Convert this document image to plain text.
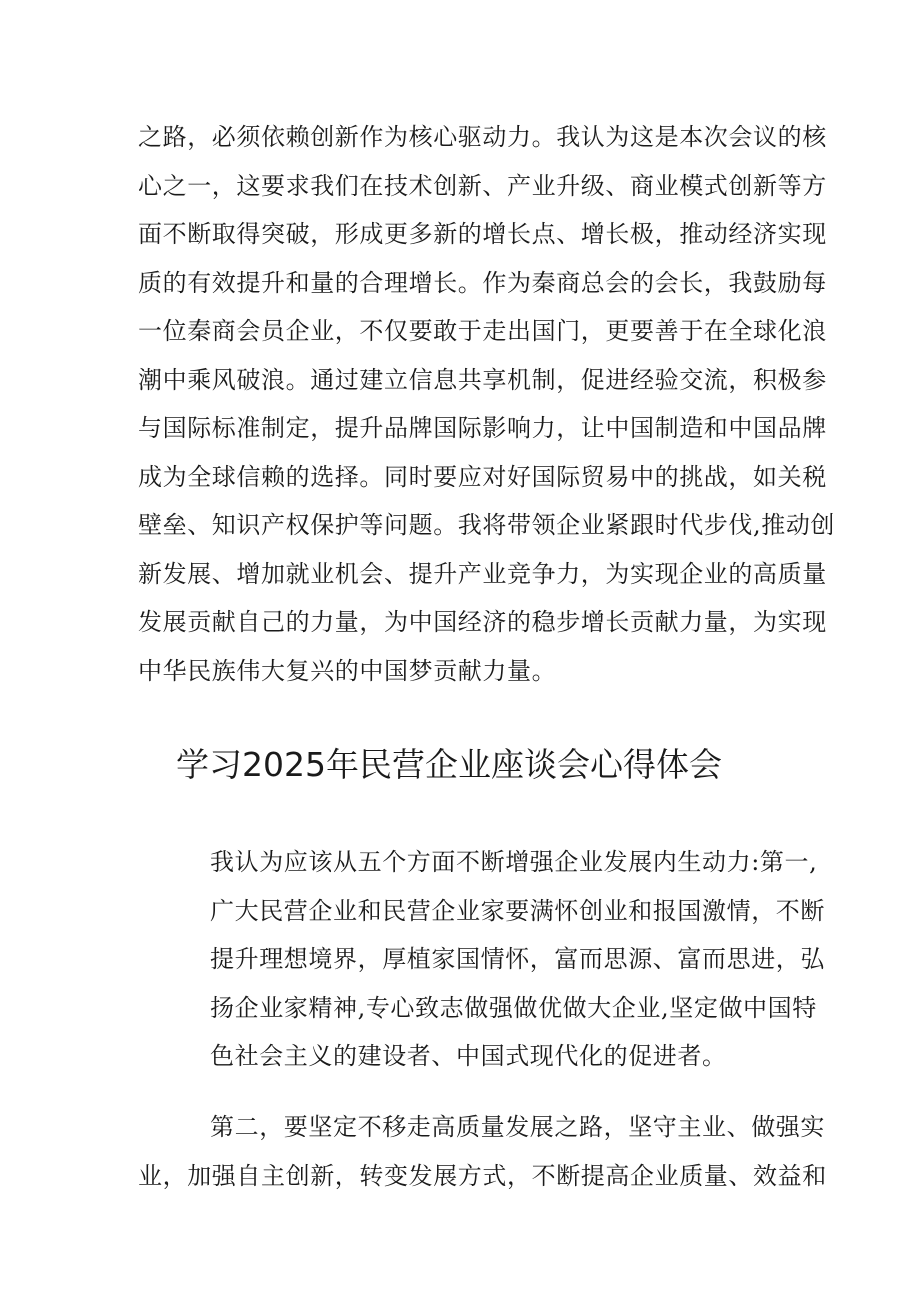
之路，必须依赖创新作为核心驱动力。我认为这是本次会议的核
心之一，这要求我们在技术创新、产业升级、商业模式创新等方
面不断取得突破，形成更多新的增长点、增长极，推动经济实现
质的有效提升和量的合理增长。作为秦商总会的会长，我鼓励每
一位秦商会员企业，不仅要敢于走出国门，更要善于在全球化浪
潮中乘风破浪。通过建立信息共享机制，促进经验交流，积极参
与国际标准制定，提升品牌国际影响力，让中国制造和中国品牌
成为全球信赖的选择。同时要应对好国际贸易中的挑战，如关税
壁垒、知识产权保护等问题。我将带领企业紧跟时代步伐,推动创
新发展、增加就业机会、提升产业竞争力，为实现企业的高质量
发展贡献自己的力量，为中国经济的稳步增长贡献力量，为实现
中华民族伟大复兴的中国梦贡献力量。
学习2025年民营企业座谈会心得体会
我认为应该从五个方面不断增强企业发展内生动力:第一,
广大民营企业和民营企业家要满怀创业和报国激情，不断
提升理想境界，厚植家国情怀，富而思源、富而思进，弘
扬企业家精神,专心致志做强做优做大企业,坚定做中国特
色社会主义的建设者、中国式现代化的促进者。
第二，要坚定不移走高质量发展之路，坚守主业、做强实
业，加强自主创新，转变发展方式，不断提高企业质量、效益和
